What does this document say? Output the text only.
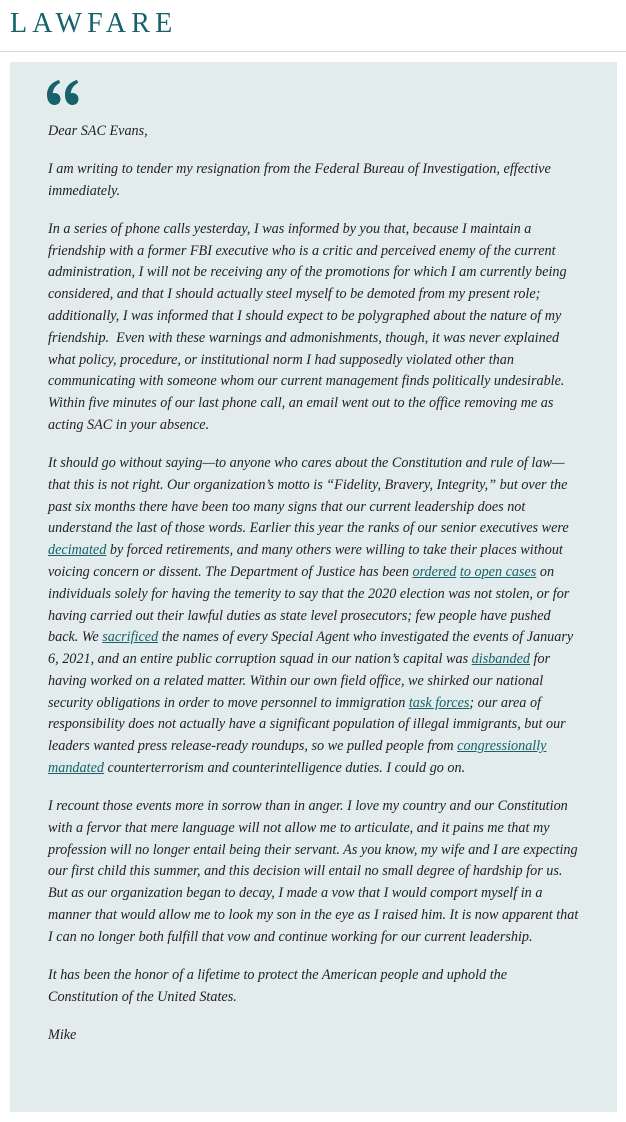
LAWFARE

Dear SAC Evans,

I am writing to tender my resignation from the Federal Bureau of Investigation, effective immediately.

In a series of phone calls yesterday, I was informed by you that, because I maintain a friendship with a former FBI executive who is a critic and perceived enemy of the current administration, I will not be receiving any of the promotions for which I am currently being considered, and that I should actually steel myself to be demoted from my present role; additionally, I was informed that I should expect to be polygraphed about the nature of my friendship.  Even with these warnings and admonishments, though, it was never explained what policy, procedure, or institutional norm I had supposedly violated other than communicating with someone whom our current management finds politically undesirable.  Within five minutes of our last phone call, an email went out to the office removing me as acting SAC in your absence.

It should go without saying—to anyone who cares about the Constitution and rule of law—that this is not right. Our organization’s motto is “Fidelity, Bravery, Integrity,” but over the past six months there have been too many signs that our current leadership does not understand the last of those words. Earlier this year the ranks of our senior executives were decimated by forced retirements, and many others were willing to take their places without voicing concern or dissent. The Department of Justice has been ordered to open cases on individuals solely for having the temerity to say that the 2020 election was not stolen, or for having carried out their lawful duties as state level prosecutors; few people have pushed back. We sacrificed the names of every Special Agent who investigated the events of January 6, 2021, and an entire public corruption squad in our nation’s capital was disbanded for having worked on a related matter. Within our own field office, we shirked our national security obligations in order to move personnel to immigration task forces; our area of responsibility does not actually have a significant population of illegal immigrants, but our leaders wanted press release-ready roundups, so we pulled people from congressionally mandated counterterrorism and counterintelligence duties. I could go on.

I recount those events more in sorrow than in anger. I love my country and our Constitution with a fervor that mere language will not allow me to articulate, and it pains me that my profession will no longer entail being their servant. As you know, my wife and I are expecting our first child this summer, and this decision will entail no small degree of hardship for us. But as our organization began to decay, I made a vow that I would comport myself in a manner that would allow me to look my son in the eye as I raised him. It is now apparent that I can no longer both fulfill that vow and continue working for our current leadership.

It has been the honor of a lifetime to protect the American people and uphold the Constitution of the United States.

Mike
